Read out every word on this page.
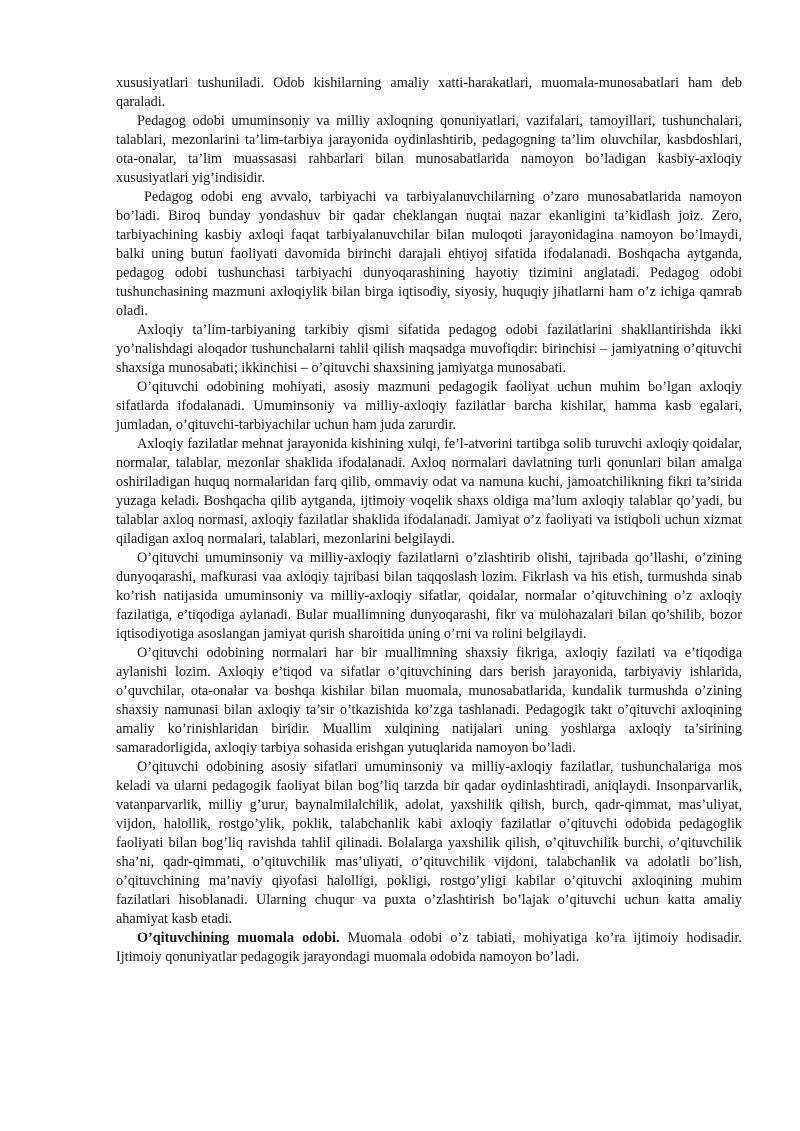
xususiyatlari tushuniladi. Odob kishilarning amaliy xatti-harakatlari, muomala-munosabatlari ham deb qaraladi.

Pedagog odobi umuminsoniy va milliy axloqning qonuniyatlari, vazifalari, tamoyillari, tushunchalari, talablari, mezonlarini ta’lim-tarbiya jarayonida oydinlashtirib, pedagogning ta’lim oluvchilar, kasbdoshlari, ota-onalar, ta’lim muassasasi rahbarlari bilan munosabatlarida namoyon bo’ladigan kasbiy-axloqiy xususiyatlari yig’indisidir.

Pedagog odobi eng avvalo, tarbiyachi va tarbiyalanuvchilarning o’zaro munosabatlarida namoyon bo’ladi. Biroq bunday yondashuv bir qadar cheklangan nuqtai nazar ekanligini ta’kidlash joiz. Zero, tarbiyachining kasbiy axloqi faqat tarbiyalanuvchilar bilan muloqoti jarayonidagina namoyon bo’lmaydi, balki uning butun faoliyati davomida birinchi darajali ehtiyoj sifatida ifodalanadi. Boshqacha aytganda, pedagog odobi tushunchasi tarbiyachi dunyoqarashining hayotiy tizimini anglatadi. Pedagog odobi tushunchasining mazmuni axloqiylik bilan birga iqtisodiy, siyosiy, huquqiy jihatlarni ham o’z ichiga qamrab oladi.

Axloqiy ta’lim-tarbiyaning tarkibiy qismi sifatida pedagog odobi fazilatlarini shakllantirishda ikki yo’nalishdagi aloqador tushunchalarni tahlil qilish maqsadga muvofiqdir: birinchisi – jamiyatning o’qituvchi shaxsiga munosabati; ikkinchisi – o’qituvchi shaxsining jamiyatga munosabati.

O’qituvchi odobining mohiyati, asosiy mazmuni pedagogik faoliyat uchun muhim bo’lgan axloqiy sifatlarda ifodalanadi. Umuminsoniy va milliy-axloqiy fazilatlar barcha kishilar, hamma kasb egalari, jumladan, o’qituvchi-tarbiyachilar uchun ham juda zarurdir.

Axloqiy fazilatlar mehnat jarayonida kishining xulqi, fe’l-atvorini tartibga solib turuvchi axloqiy qoidalar, normalar, talablar, mezonlar shaklida ifodalanadi. Axloq normalari davlatning turli qonunlari bilan amalga oshiriladigan huquq normalaridan farq qilib, ommaviy odat va namuna kuchi, jamoatchilikning fikri ta’sirida yuzaga keladi. Boshqacha qilib aytganda, ijtimoiy voqelik shaxs oldiga ma’lum axloqiy talablar qo’yadi, bu talablar axloq normasi, axloqiy fazilatlar shaklida ifodalanadi. Jamiyat o’z faoliyati va istiqboli uchun xizmat qiladigan axloq normalari, talablari, mezonlarini belgilaydi.

O’qituvchi umuminsoniy va milliy-axloqiy fazilatlarni o’zlashtirib olishi, tajribada qo’llashi, o’zining dunyoqarashi, mafkurasi vaa axloqiy tajribasi bilan taqqoslash lozim. Fikrlash va his etish, turmushda sinab ko’rish natijasida umuminsoniy va milliy-axloqiy sifatlar, qoidalar, normalar o’qituvchining o’z axloqiy fazilatiga, e’tiqodiga aylanadi. Bular muallimning dunyoqarashi, fikr va mulohazalari bilan qo’shilib, bozor iqtisodiyotiga asoslangan jamiyat qurish sharoitida uning o’rni va rolini belgilaydi.

O’qituvchi odobining normalari har bir muallimning shaxsiy fikriga, axloqiy fazilati va e’tiqodiga aylanishi lozim. Axloqiy e’tiqod va sifatlar o’qituvchining dars berish jarayonida, tarbiyaviy ishlarida, o’quvchilar, ota-onalar va boshqa kishilar bilan muomala, munosabatlarida, kundalik turmushda o’zining shaxsiy namunasi bilan axloqiy ta’sir o’tkazishida ko’zga tashlanadi. Pedagogik takt o’qituvchi axloqining amaliy ko’rinishlaridan biridir. Muallim xulqining natijalari uning yoshlarga axloqiy ta’sirining samaradorligida, axloqiy tarbiya sohasida erishgan yutuqlarida namoyon bo’ladi.

O’qituvchi odobining asosiy sifatlari umuminsoniy va milliy-axloqiy fazilatlar, tushunchalariga mos keladi va ularni pedagogik faoliyat bilan bog’liq tarzda bir qadar oydinlashtiradi, aniqlaydi. Insonparvarlik, vatanparvarlik, milliy g’urur, baynalmilalchilik, adolat, yaxshilik qilish, burch, qadr-qimmat, mas’uliyat, vijdon, halollik, rostgo’ylik, poklik, talabchanlik kabi axloqiy fazilatlar o’qituvchi odobida pedagoglik faoliyati bilan bog’liq ravishda tahlil qilinadi. Bolalarga yaxshilik qilish, o’qituvchilik burchi, o’qituvchilik sha’ni, qadr-qimmati, o’qituvchilik mas’uliyati, o’qituvchilik vijdoni, talabchanlik va adolatli bo’lish, o’qituvchining ma’naviy qiyofasi halolligi, pokligi, rostgo’yligi kabilar o’qituvchi axloqining muhim fazilatlari hisoblanadi. Ularning chuqur va puxta o’zlashtirish bo’lajak o’qituvchi uchun katta amaliy ahamiyat kasb etadi.

O’qituvchining muomala odobi. Muomala odobi o’z tabiati, mohiyatiga ko’ra ijtimoiy hodisadir. Ijtimoiy qonuniyatlar pedagogik jarayondagi muomala odobida namoyon bo’ladi.
